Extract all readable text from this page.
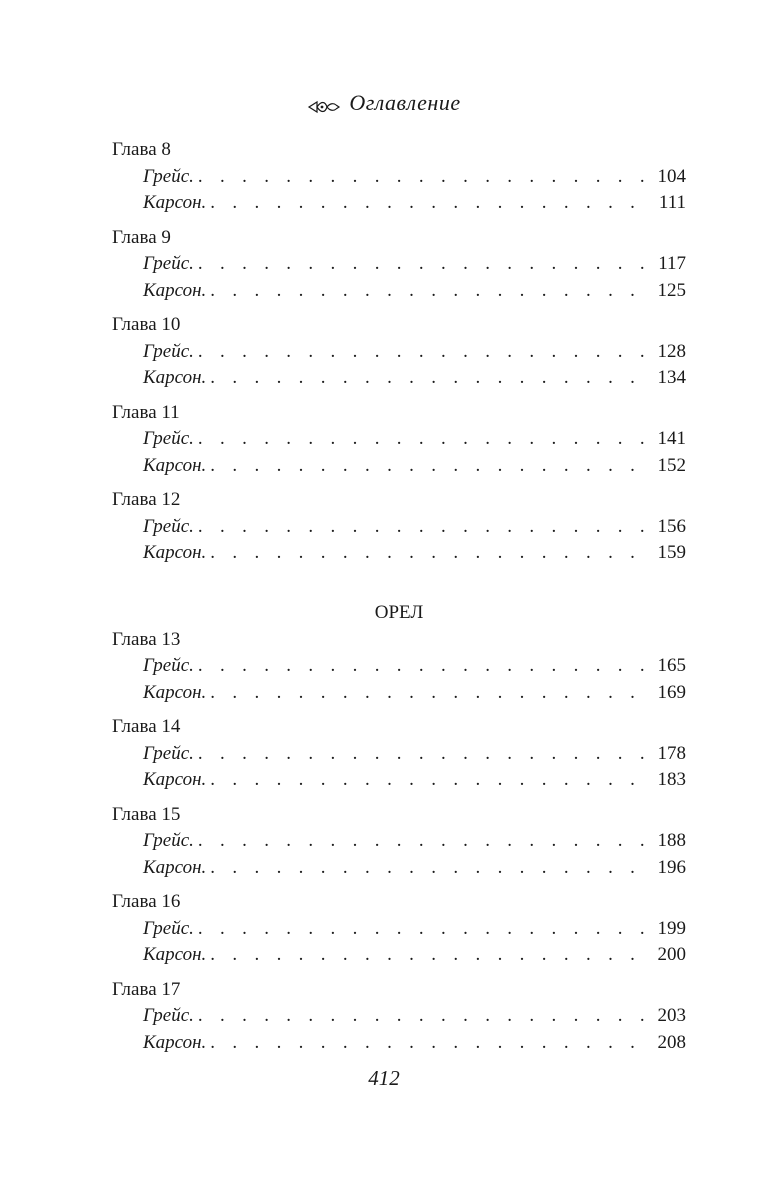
Оглавление
Глава 8
Грейс. . . .	104
Карсон. . . .	111
Глава 9
Грейс. . . .	117
Карсон. . . .	125
Глава 10
Грейс. . . .	128
Карсон. . . .	134
Глава 11
Грейс. . . .	141
Карсон. . . .	152
Глава 12
Грейс. . . .	156
Карсон. . . .	159
ОРЕЛ
Глава 13
Грейс. . . .	165
Карсон. . . .	169
Глава 14
Грейс. . . .	178
Карсон. . . .	183
Глава 15
Грейс. . . .	188
Карсон. . . .	196
Глава 16
Грейс. . . .	199
Карсон. . . .	200
Глава 17
Грейс. . . .	203
Карсон. . . .	208
412
